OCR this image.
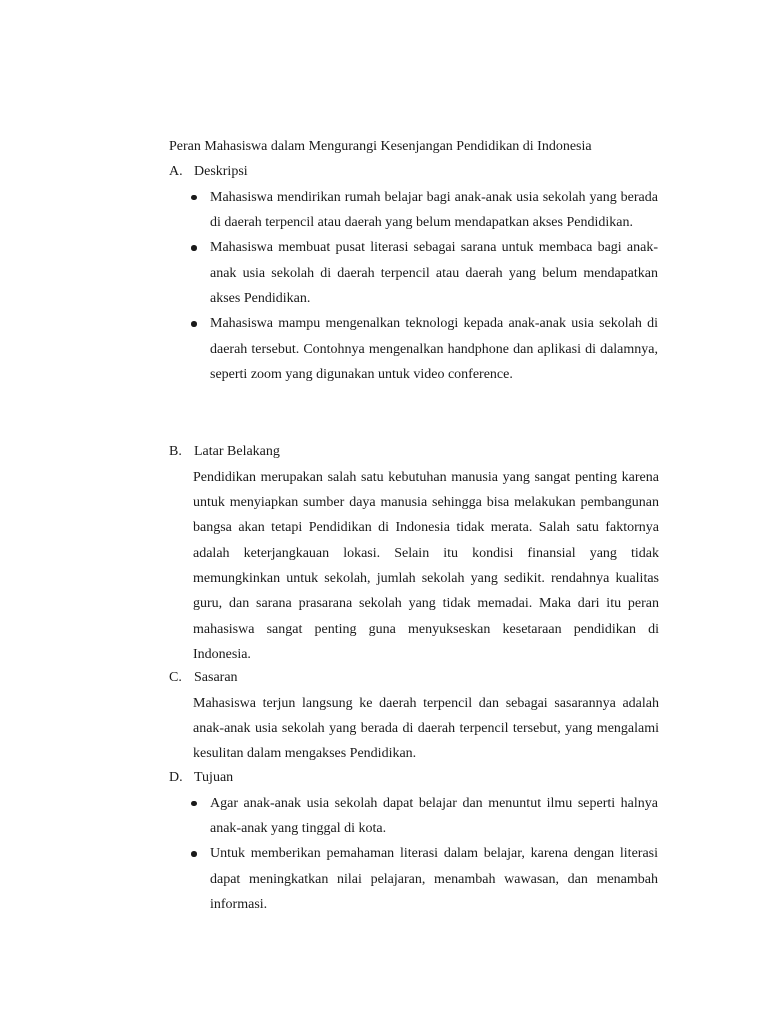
Peran Mahasiswa dalam Mengurangi Kesenjangan Pendidikan di Indonesia
A. Deskripsi
Mahasiswa mendirikan rumah belajar bagi anak-anak usia sekolah yang berada di daerah terpencil atau daerah yang belum mendapatkan akses Pendidikan.
Mahasiswa membuat pusat literasi sebagai sarana untuk membaca bagi anak-anak usia sekolah di daerah terpencil atau daerah yang belum mendapatkan akses Pendidikan.
Mahasiswa mampu mengenalkan teknologi kepada anak-anak usia sekolah di daerah tersebut. Contohnya mengenalkan handphone dan aplikasi di dalamnya, seperti zoom yang digunakan untuk video conference.
B. Latar Belakang
Pendidikan merupakan salah satu kebutuhan manusia yang sangat penting karena untuk menyiapkan sumber daya manusia sehingga bisa melakukan pembangunan bangsa akan tetapi Pendidikan di Indonesia tidak merata. Salah satu faktornya adalah keterjangkauan lokasi. Selain itu kondisi finansial yang tidak memungkinkan untuk sekolah, jumlah sekolah yang sedikit. rendahnya kualitas guru, dan sarana prasarana sekolah yang tidak memadai. Maka dari itu peran mahasiswa sangat penting guna menyukseskan kesetaraan pendidikan di Indonesia.
C. Sasaran
Mahasiswa terjun langsung ke daerah terpencil dan sebagai sasarannya adalah anak-anak usia sekolah yang berada di daerah terpencil tersebut, yang mengalami kesulitan dalam mengakses Pendidikan.
D. Tujuan
Agar anak-anak usia sekolah dapat belajar dan menuntut ilmu seperti halnya anak-anak yang tinggal di kota.
Untuk memberikan pemahaman literasi dalam belajar, karena dengan literasi dapat meningkatkan nilai pelajaran, menambah wawasan, dan menambah informasi.
